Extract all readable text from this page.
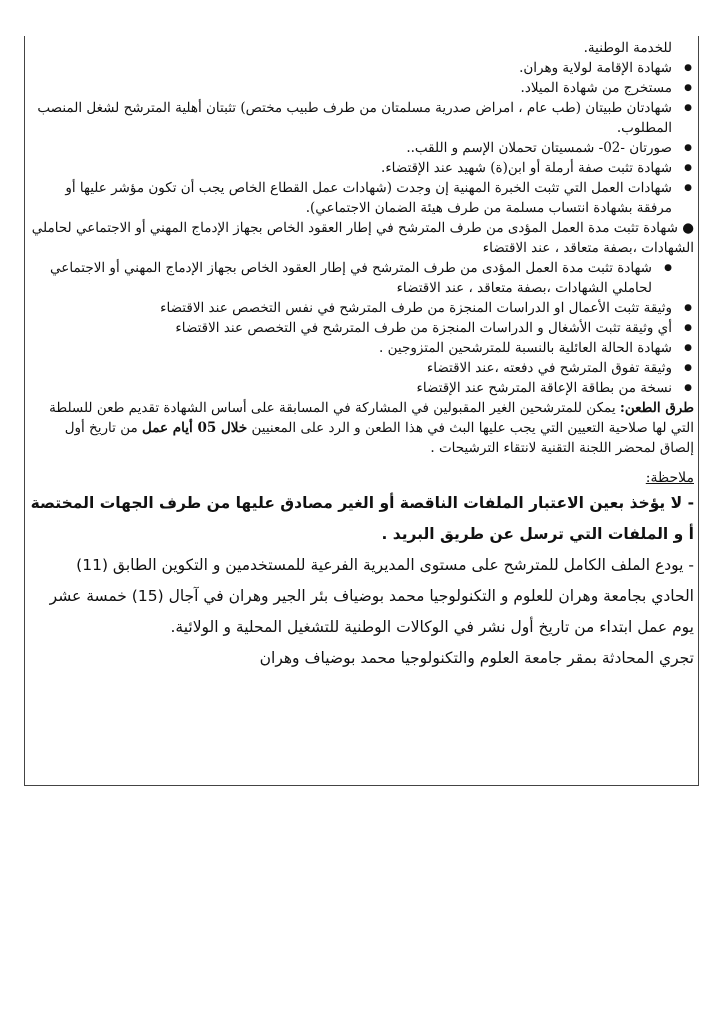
للخدمة الوطنية.
● شهادة الإقامة لولاية وهران.
● مستخرج من شهادة الميلاد.
● شهادتان طبيتان (طب عام ، امراض صدرية مسلمتان من طرف طبيب مختص) تثبتان أهلية المترشح لشغل المنصب المطلوب.
● صورتان -02- شمسيتان تحملان الإسم و اللقب..
● شهادة تثبت صفة أرملة أو ابن(ة) شهيد عند الإقتضاء.
● شهادات العمل التي تثبت الخبرة المهنية إن وجدت (شهادات عمل القطاع الخاص يجب أن تكون مؤشر عليها أو مرفقة بشهادة انتساب مسلمة من طرف هيئة الضمان الاجتماعي).
● شهادة تثبت مدة العمل المؤدى من طرف المترشح في إطار العقود الخاص بجهاز الإدماج المهني أو الاجتماعي لحاملي الشهادات ،بصفة متعاقد ، عند الاقتضاء
● شهادة تثبت مدة العمل المؤدى من طرف المترشح في إطار العقود الخاص بجهاز الإدماج المهني أو الاجتماعي لحاملي الشهادات ،بصفة متعاقد ، عند الاقتضاء
● وثيقة تثبت الأعمال او الدراسات المنجزة من طرف المترشح في نفس التخصص عند الاقتضاء
● أي وثيقة تثبت الأشغال و الدراسات المنجزة من طرف المترشح في التخصص عند الاقتضاء
● شهادة الحالة العائلية بالنسبة للمترشحين المتزوجين .
● وثيقة تفوق المترشح في دفعته ،عند الاقتضاء
● نسخة من بطاقة الإعاقة المترشح عند الإقتضاء

طرق الطعن: يمكن للمترشحين الغير المقبولين في المشاركة في المسابقة على أساس الشهادة تقديم طعن للسلطة التي لها صلاحية التعيين التي يجب عليها البث في هذا الطعن و الرد على المعنيين خلال 05 أيام عمل من تاريخ أول إلصاق لمحضر اللجنة التقنية لانتقاء الترشيحات .

ملاحظة:
- لا يؤخذ بعين الاعتبار الملفات الناقصة أو الغير مصادق عليها من طرف الجهات المختصة أ و الملفات التي ترسل عن طريق البريد .
- يودع الملف الكامل للمترشح على مستوى المديرية الفرعية للمستخدمين و التكوين الطابق (11) الحادي بجامعة وهران للعلوم و التكنولوجيا محمد بوضياف بئر الجير وهران في آجال (15) خمسة عشر يوم عمل ابتداء من تاريخ أول نشر في الوكالات الوطنية للتشغيل المحلية و الولائية.
تجري المحادثة بمقر جامعة العلوم والتكنولوجيا محمد بوضياف وهران
